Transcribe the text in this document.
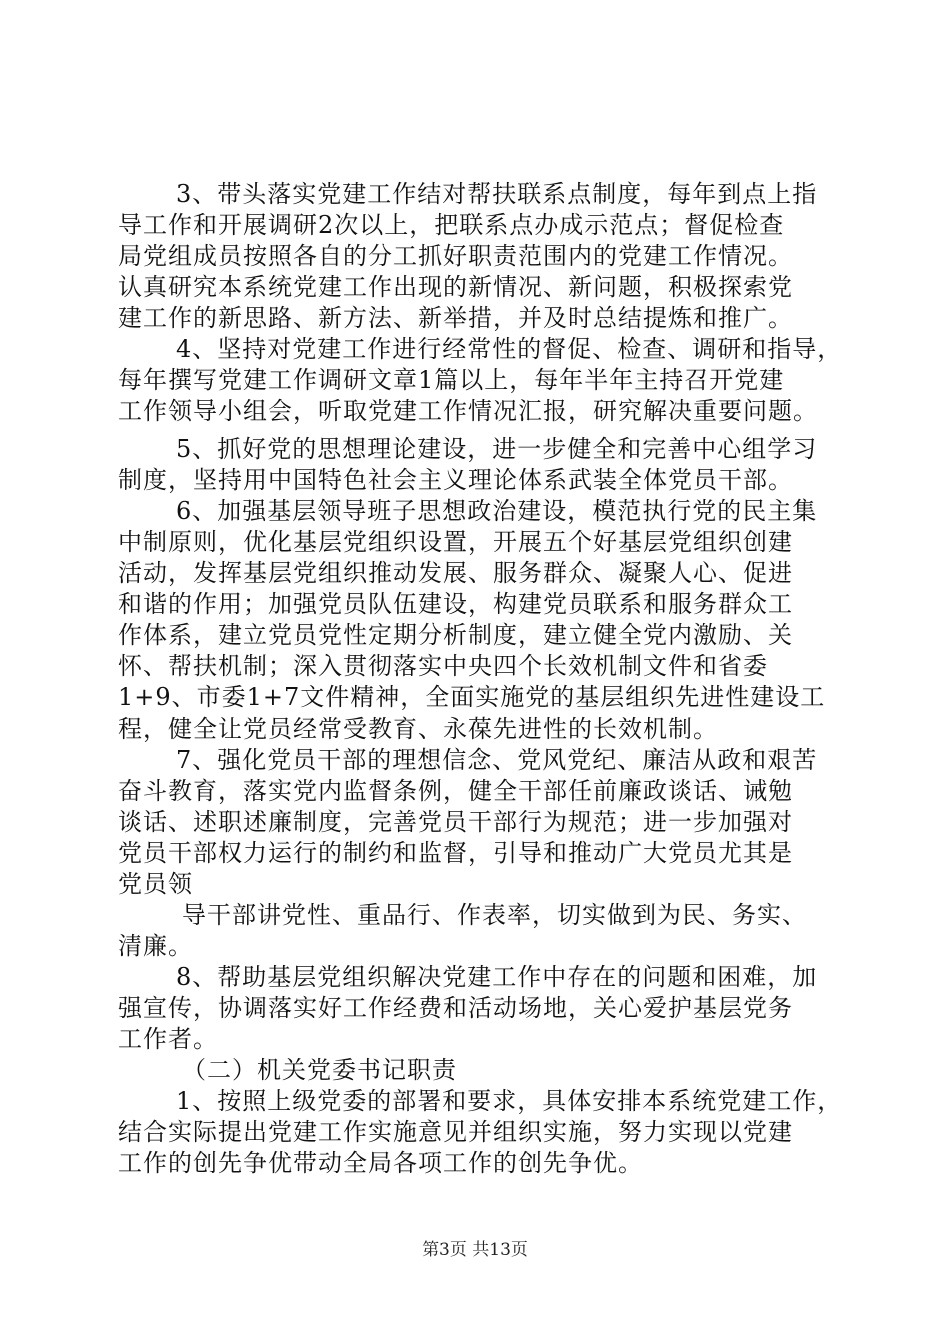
3、带头落实党建工作结对帮扶联系点制度，每年到点上指
导工作和开展调研2次以上，把联系点办成示范点；督促检查
局党组成员按照各自的分工抓好职责范围内的党建工作情况。
认真研究本系统党建工作出现的新情况、新问题，积极探索党
建工作的新思路、新方法、新举措，并及时总结提炼和推广。
4、坚持对党建工作进行经常性的督促、检查、调研和指导，
每年撰写党建工作调研文章1篇以上，每年半年主持召开党建
工作领导小组会，听取党建工作情况汇报，研究解决重要问题。
5、抓好党的思想理论建设，进一步健全和完善中心组学习
制度，坚持用中国特色社会主义理论体系武装全体党员干部。
6、加强基层领导班子思想政治建设，模范执行党的民主集
中制原则，优化基层党组织设置，开展五个好基层党组织创建
活动，发挥基层党组织推动发展、服务群众、凝聚人心、促进
和谐的作用；加强党员队伍建设，构建党员联系和服务群众工
作体系，建立党员党性定期分析制度，建立健全党内激励、关
怀、帮扶机制；深入贯彻落实中央四个长效机制文件和省委
1+9、市委1+7文件精神，全面实施党的基层组织先进性建设工
程，健全让党员经常受教育、永葆先进性的长效机制。
7、强化党员干部的理想信念、党风党纪、廉洁从政和艰苦
奋斗教育，落实党内监督条例，健全干部任前廉政谈话、诫勉
谈话、述职述廉制度，完善党员干部行为规范；进一步加强对
党员干部权力运行的制约和监督，引导和推动广大党员尤其是
党员领
导干部讲党性、重品行、作表率，切实做到为民、务实、
清廉。
8、帮助基层党组织解决党建工作中存在的问题和困难，加
强宣传，协调落实好工作经费和活动场地，关心爱护基层党务
工作者。
（二）机关党委书记职责
1、按照上级党委的部署和要求，具体安排本系统党建工作，
结合实际提出党建工作实施意见并组织实施，努力实现以党建
工作的创先争优带动全局各项工作的创先争优。
第3页 共13页
